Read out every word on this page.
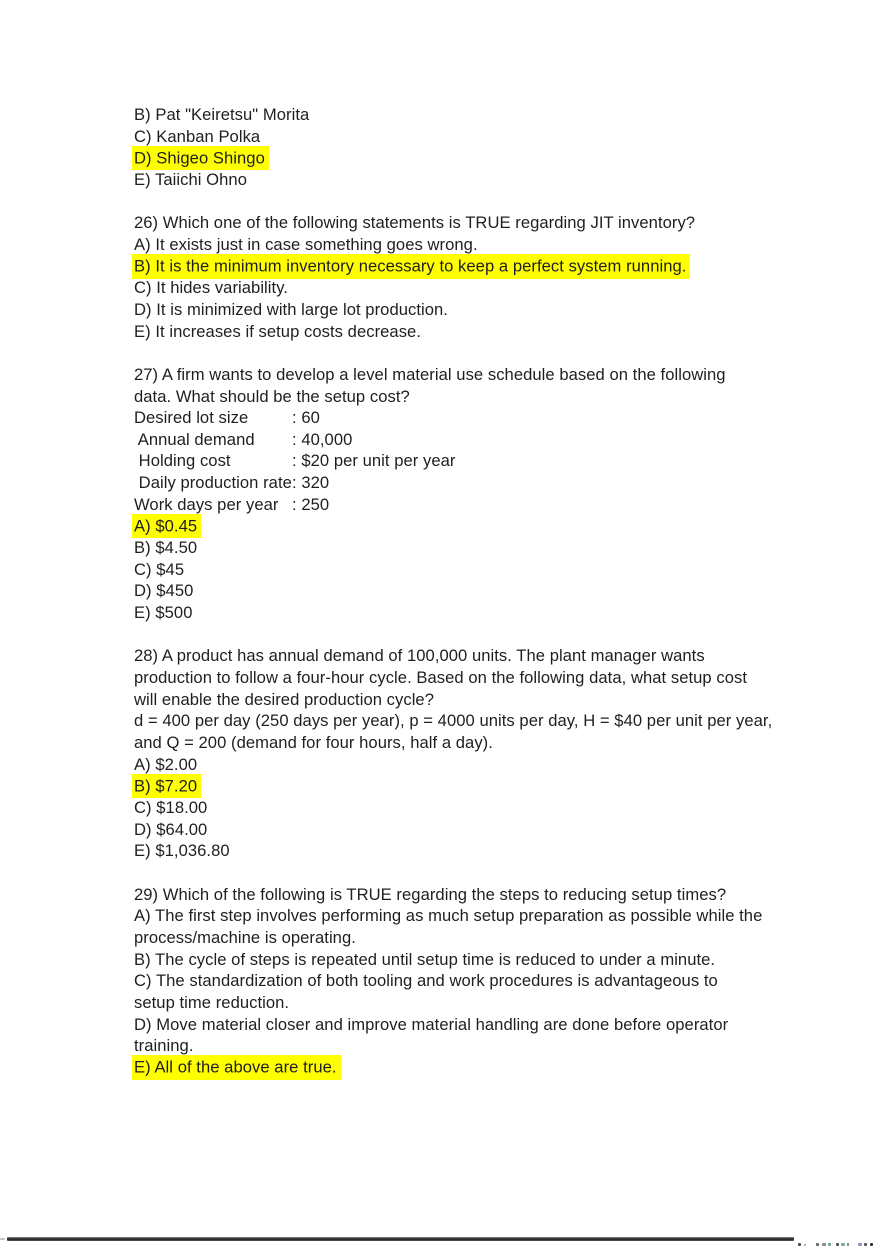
B) Pat "Keiretsu" Morita
C) Kanban Polka
D) Shigeo Shingo
E) Taiichi Ohno
26) Which one of the following statements is TRUE regarding JIT inventory?
A) It exists just in case something goes wrong.
B) It is the minimum inventory necessary to keep a perfect system running.
C) It hides variability.
D) It is minimized with large lot production.
E) It increases if setup costs decrease.
27) A firm wants to develop a level material use schedule based on the following
data. What should be the setup cost?
Desired lot size	: 60
Annual demand : 40,000
Holding cost	: $20 per unit per year
Daily production rate: 320
Work days per year : 250
A) $0.45
B) $4.50
C) $45
D) $450
E) $500
28) A product has annual demand of 100,000 units. The plant manager wants
production to follow a four-hour cycle. Based on the following data, what setup cost
will enable the desired production cycle?
d = 400 per day (250 days per year), p = 4000 units per day, H = $40 per unit per year,
and Q = 200 (demand for four hours, half a day).
A) $2.00
B) $7.20
C) $18.00
D) $64.00
E) $1,036.80
29) Which of the following is TRUE regarding the steps to reducing setup times?
A) The first step involves performing as much setup preparation as possible while the
process/machine is operating.
B) The cycle of steps is repeated until setup time is reduced to under a minute.
C) The standardization of both tooling and work procedures is advantageous to
setup time reduction.
D) Move material closer and improve material handling are done before operator
training.
E) All of the above are true.
